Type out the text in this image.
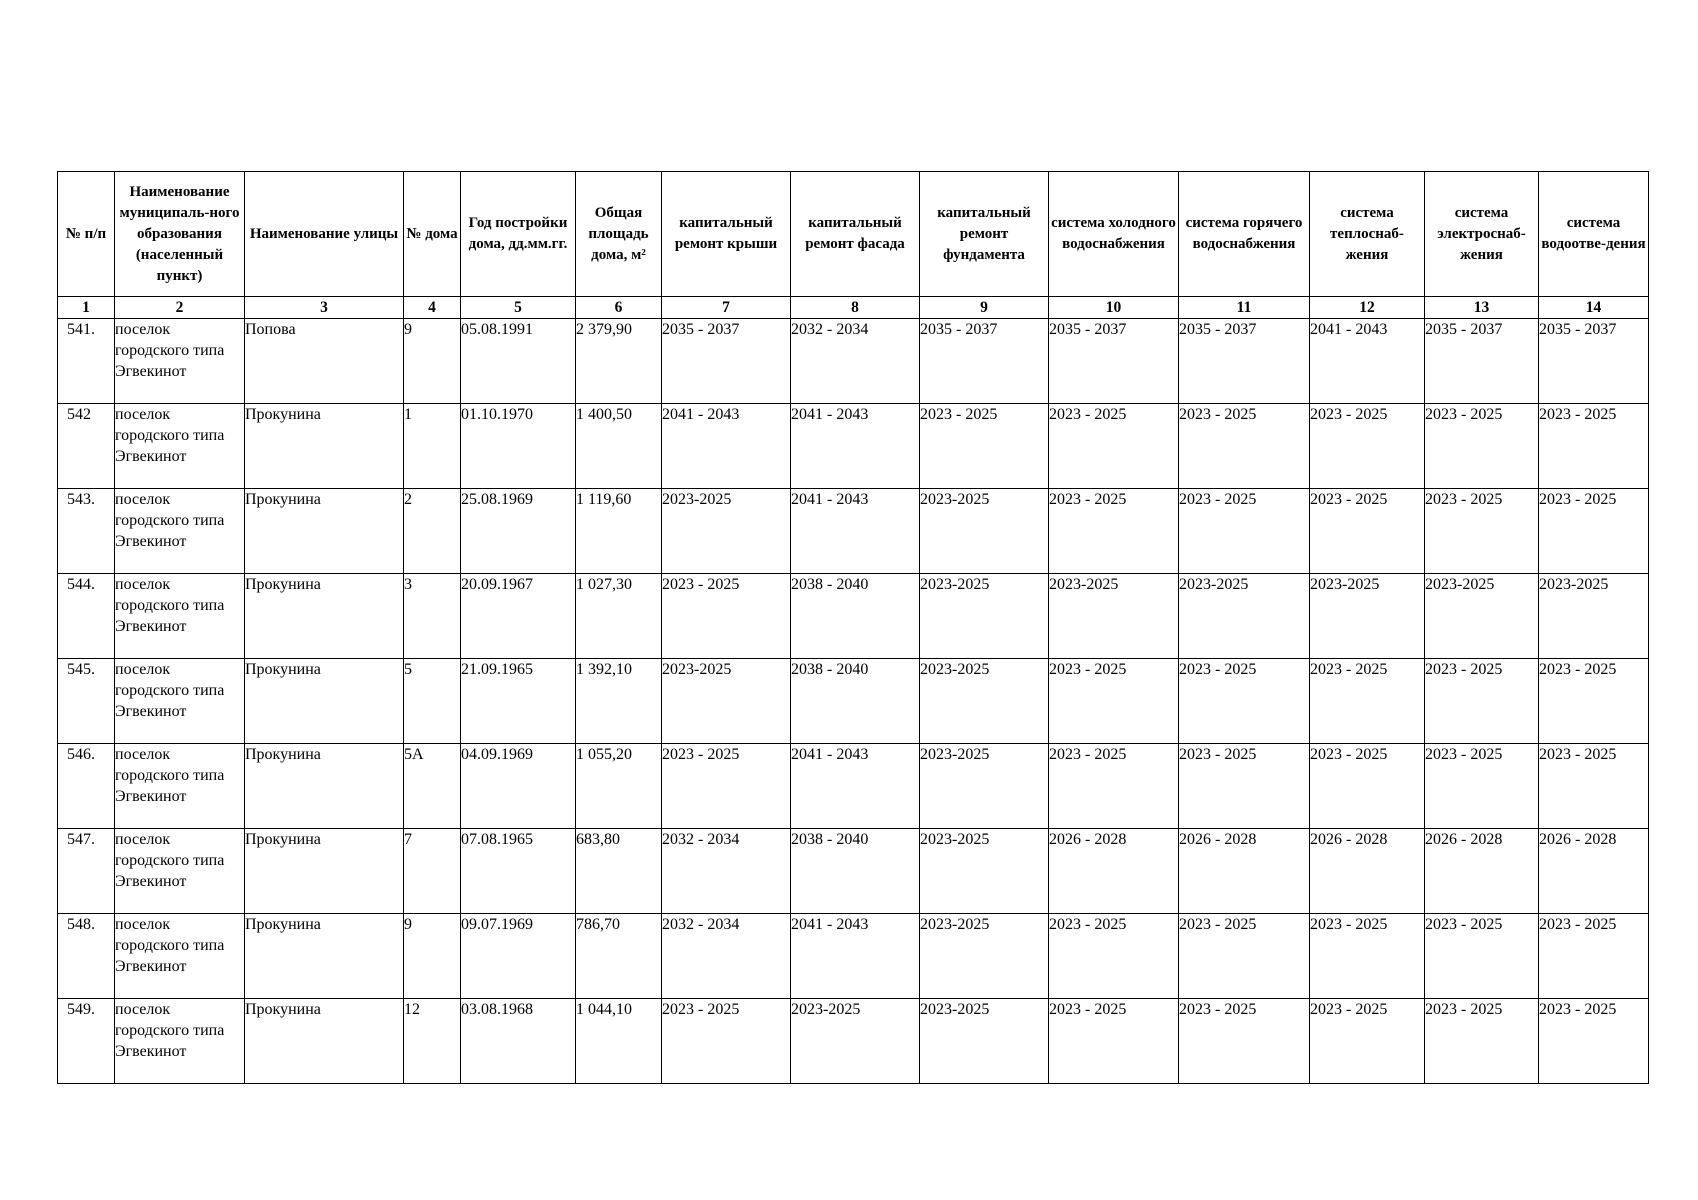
№ п/п	Наименование муниципаль-ного образования (населенный пункт)	Наименование улицы	№ дома	Год постройки дома, дд.мм.гг.	Общая площадь дома, м²	капитальный ремонт крыши	капитальный ремонт фасада	капитальный ремонт фундамента	система холодного водоснабжения	система горячего водоснабжения	система теплоснаб-жения	система электроснаб-жения	система водоотве-дения
1	2	3	4	5	6	7	8	9	10	11	12	13	14
541.	поселок городского типа Эгвекинот	Попова	9	05.08.1991	2 379,90	2035 - 2037	2032 - 2034	2035 - 2037	2035 - 2037	2035 - 2037	2041 - 2043	2035 - 2037	2035 - 2037
542	поселок городского типа Эгвекинот	Прокунина	1	01.10.1970	1 400,50	2041 - 2043	2041 - 2043	2023 - 2025	2023 - 2025	2023 - 2025	2023 - 2025	2023 - 2025	2023 - 2025
543.	поселок городского типа Эгвекинот	Прокунина	2	25.08.1969	1 119,60	2023-2025	2041 - 2043	2023-2025	2023 - 2025	2023 - 2025	2023 - 2025	2023 - 2025	2023 - 2025
544.	поселок городского типа Эгвекинот	Прокунина	3	20.09.1967	1 027,30	2023 - 2025	2038 - 2040	2023-2025	2023-2025	2023-2025	2023-2025	2023-2025	2023-2025
545.	поселок городского типа Эгвекинот	Прокунина	5	21.09.1965	1 392,10	2023-2025	2038 - 2040	2023-2025	2023 - 2025	2023 - 2025	2023 - 2025	2023 - 2025	2023 - 2025
546.	поселок городского типа Эгвекинот	Прокунина	5А	04.09.1969	1 055,20	2023 - 2025	2041 - 2043	2023-2025	2023 - 2025	2023 - 2025	2023 - 2025	2023 - 2025	2023 - 2025
547.	поселок городского типа Эгвекинот	Прокунина	7	07.08.1965	683,80	2032 - 2034	2038 - 2040	2023-2025	2026 - 2028	2026 - 2028	2026 - 2028	2026 - 2028	2026 - 2028
548.	поселок городского типа Эгвекинот	Прокунина	9	09.07.1969	786,70	2032 - 2034	2041 - 2043	2023-2025	2023 - 2025	2023 - 2025	2023 - 2025	2023 - 2025	2023 - 2025
549.	поселок городского типа Эгвекинот	Прокунина	12	03.08.1968	1 044,10	2023 - 2025	2023-2025	2023-2025	2023 - 2025	2023 - 2025	2023 - 2025	2023 - 2025	2023 - 2025
